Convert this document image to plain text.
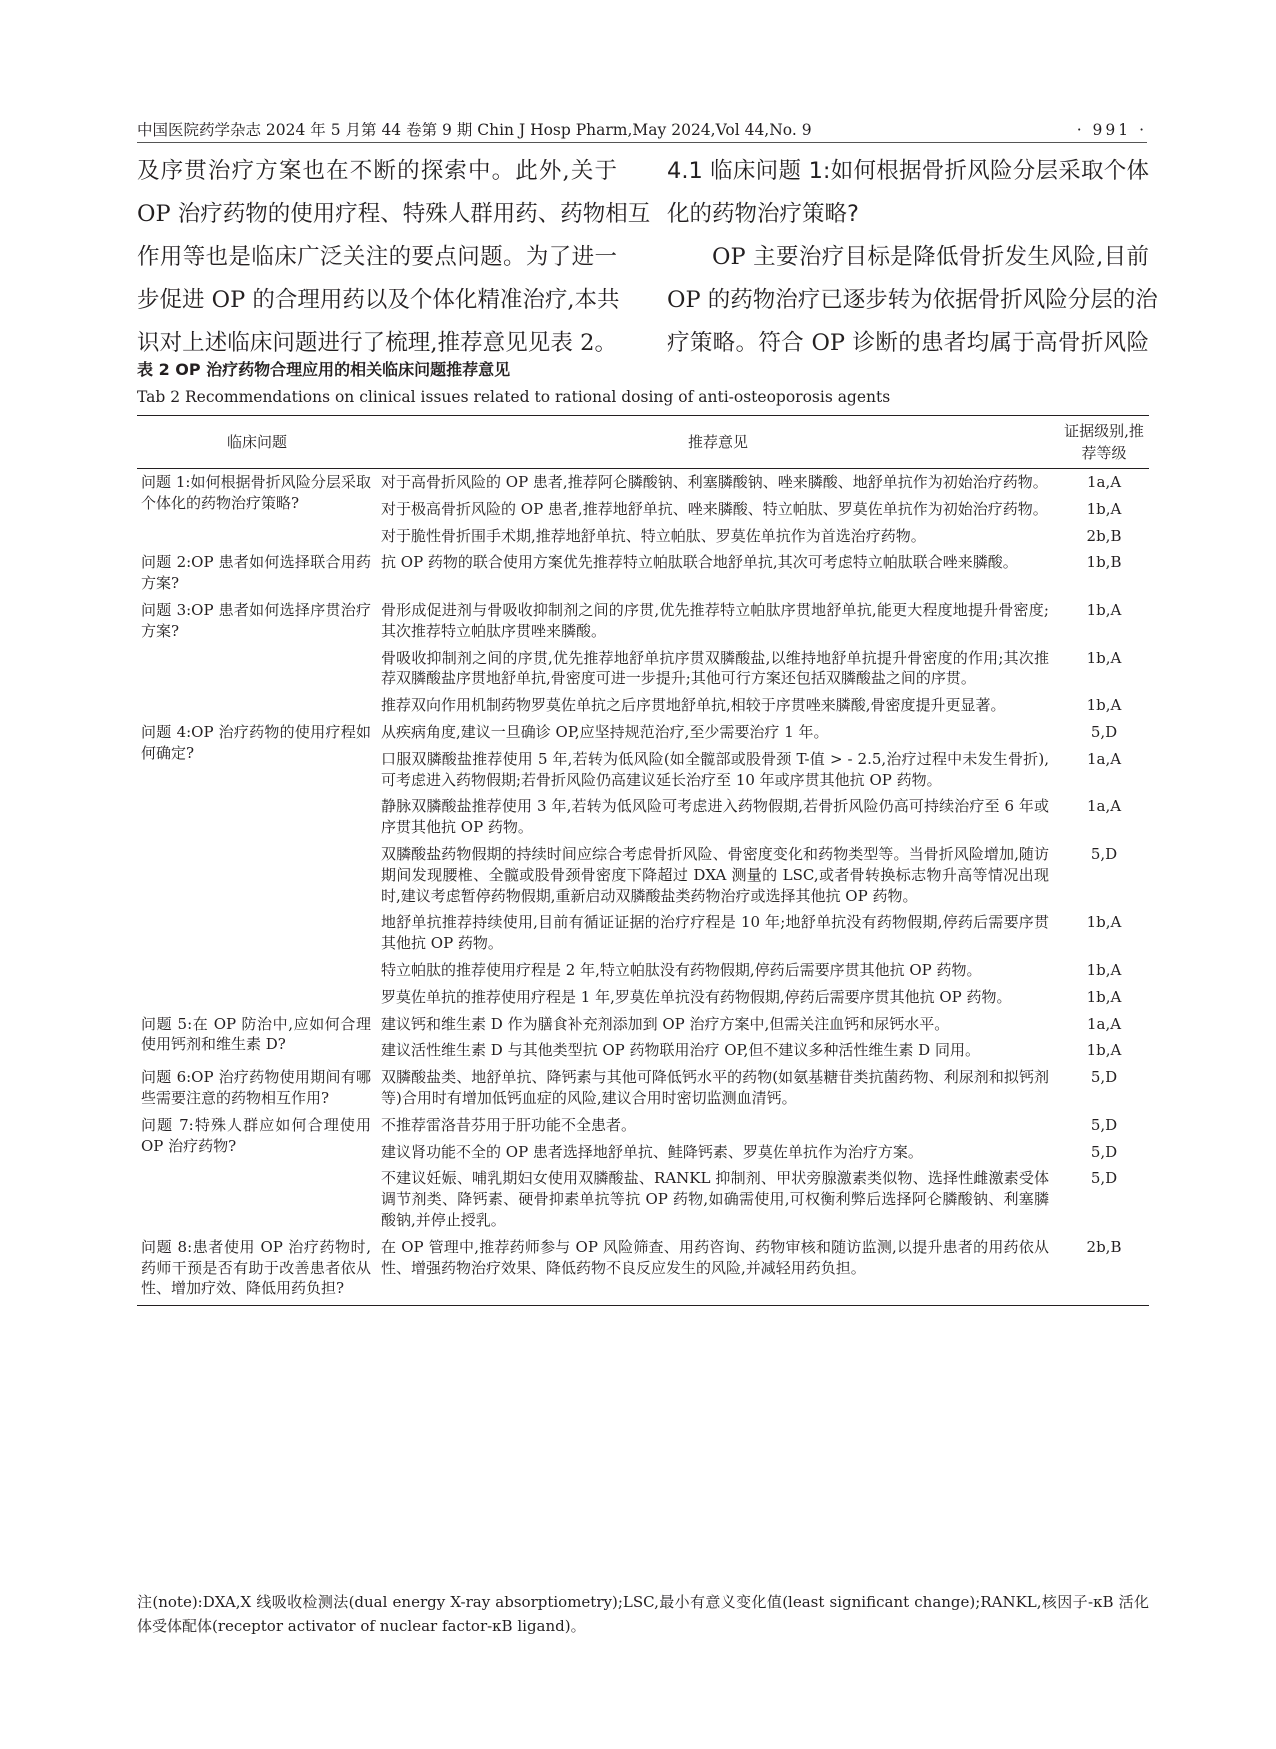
中国医院药学杂志 2024 年 5 月第 44 卷第 9 期 Chin J Hosp Pharm,May 2024,Vol 44,No. 9	· 991 ·

及序贯治疗方案也在不断的探索中。此外,关于
OP 治疗药物的使用疗程、特殊人群用药、药物相互
作用等也是临床广泛关注的要点问题。为了进一
步促进 OP 的合理用药以及个体化精准治疗,本共
识对上述临床问题进行了梳理,推荐意见见表 2。

4.1 临床问题 1:如何根据骨折风险分层采取个体
化的药物治疗策略?

OP 主要治疗目标是降低骨折发生风险,目前
OP 的药物治疗已逐步转为依据骨折风险分层的治
疗策略。符合 OP 诊断的患者均属于高骨折风险

表 2 OP 治疗药物合理应用的相关临床问题推荐意见
Tab 2 Recommendations on clinical issues related to rational dosing of anti-osteoporosis agents
临床问题	推荐意见	证据级别,推荐等级
问题 1:如何根据骨折风险分层采取个体化的药物治疗策略?	对于高骨折风险的 OP 患者,推荐阿仑膦酸钠、利塞膦酸钠、唑来膦酸、地舒单抗作为初始治疗药物。	1a,A
	对于极高骨折风险的 OP 患者,推荐地舒单抗、唑来膦酸、特立帕肽、罗莫佐单抗作为初始治疗药物。	1b,A
	对于脆性骨折围手术期,推荐地舒单抗、特立帕肽、罗莫佐单抗作为首选治疗药物。	2b,B
问题 2:OP 患者如何选择联合用药方案?	抗 OP 药物的联合使用方案优先推荐特立帕肽联合地舒单抗,其次可考虑特立帕肽联合唑来膦酸。	1b,B
问题 3:OP 患者如何选择序贯治疗方案?	骨形成促进剂与骨吸收抑制剂之间的序贯,优先推荐特立帕肽序贯地舒单抗,能更大程度地提升骨密度;其次推荐特立帕肽序贯唑来膦酸。	1b,A
	骨吸收抑制剂之间的序贯,优先推荐地舒单抗序贯双膦酸盐,以维持地舒单抗提升骨密度的作用;其次推荐双膦酸盐序贯地舒单抗,骨密度可进一步提升;其他可行方案还包括双膦酸盐之间的序贯。	1b,A
	推荐双向作用机制药物罗莫佐单抗之后序贯地舒单抗,相较于序贯唑来膦酸,骨密度提升更显著。	1b,A
问题 4:OP 治疗药物的使用疗程如何确定?	从疾病角度,建议一旦确诊 OP,应坚持规范治疗,至少需要治疗 1 年。	5,D
	口服双膦酸盐推荐使用 5 年,若转为低风险(如全髋部或股骨颈 T-值 > - 2.5,治疗过程中未发生骨折),可考虑进入药物假期;若骨折风险仍高建议延长治疗至 10 年或序贯其他抗 OP 药物。	1a,A
	静脉双膦酸盐推荐使用 3 年,若转为低风险可考虑进入药物假期,若骨折风险仍高可持续治疗至 6 年或序贯其他抗 OP 药物。	1a,A
	双膦酸盐药物假期的持续时间应综合考虑骨折风险、骨密度变化和药物类型等。当骨折风险增加,随访期间发现腰椎、全髋或股骨颈骨密度下降超过 DXA 测量的 LSC,或者骨转换标志物升高等情况出现时,建议考虑暂停药物假期,重新启动双膦酸盐类药物治疗或选择其他抗 OP 药物。	5,D
	地舒单抗推荐持续使用,目前有循证证据的治疗疗程是 10 年;地舒单抗没有药物假期,停药后需要序贯其他抗 OP 药物。	1b,A
	特立帕肽的推荐使用疗程是 2 年,特立帕肽没有药物假期,停药后需要序贯其他抗 OP 药物。	1b,A
	罗莫佐单抗的推荐使用疗程是 1 年,罗莫佐单抗没有药物假期,停药后需要序贯其他抗 OP 药物。	1b,A
问题 5:在 OP 防治中,应如何合理使用钙剂和维生素 D?	建议钙和维生素 D 作为膳食补充剂添加到 OP 治疗方案中,但需关注血钙和尿钙水平。	1a,A
	建议活性维生素 D 与其他类型抗 OP 药物联用治疗 OP,但不建议多种活性维生素 D 同用。	1b,A
问题 6:OP 治疗药物使用期间有哪些需要注意的药物相互作用?	双膦酸盐类、地舒单抗、降钙素与其他可降低钙水平的药物(如氨基糖苷类抗菌药物、利尿剂和拟钙剂等)合用时有增加低钙血症的风险,建议合用时密切监测血清钙。	5,D
问题 7:特殊人群应如何合理使用 OP 治疗药物?	不推荐雷洛昔芬用于肝功能不全患者。	5,D
	建议肾功能不全的 OP 患者选择地舒单抗、鲑降钙素、罗莫佐单抗作为治疗方案。	5,D
	不建议妊娠、哺乳期妇女使用双膦酸盐、RANKL 抑制剂、甲状旁腺激素类似物、选择性雌激素受体调节剂类、降钙素、硬骨抑素单抗等抗 OP 药物,如确需使用,可权衡利弊后选择阿仑膦酸钠、利塞膦酸钠,并停止授乳。	5,D
问题 8:患者使用 OP 治疗药物时,药师干预是否有助于改善患者依从性、增加疗效、降低用药负担?	在 OP 管理中,推荐药师参与 OP 风险筛查、用药咨询、药物审核和随访监测,以提升患者的用药依从性、增强药物治疗效果、降低药物不良反应发生的风险,并减轻用药负担。	2b,B
注(note):DXA,X 线吸收检测法(dual energy X-ray absorptiometry);LSC,最小有意义变化值(least significant change);RANKL,核因子-κB 活化体受体配体(receptor activator of nuclear factor-κB ligand)。
